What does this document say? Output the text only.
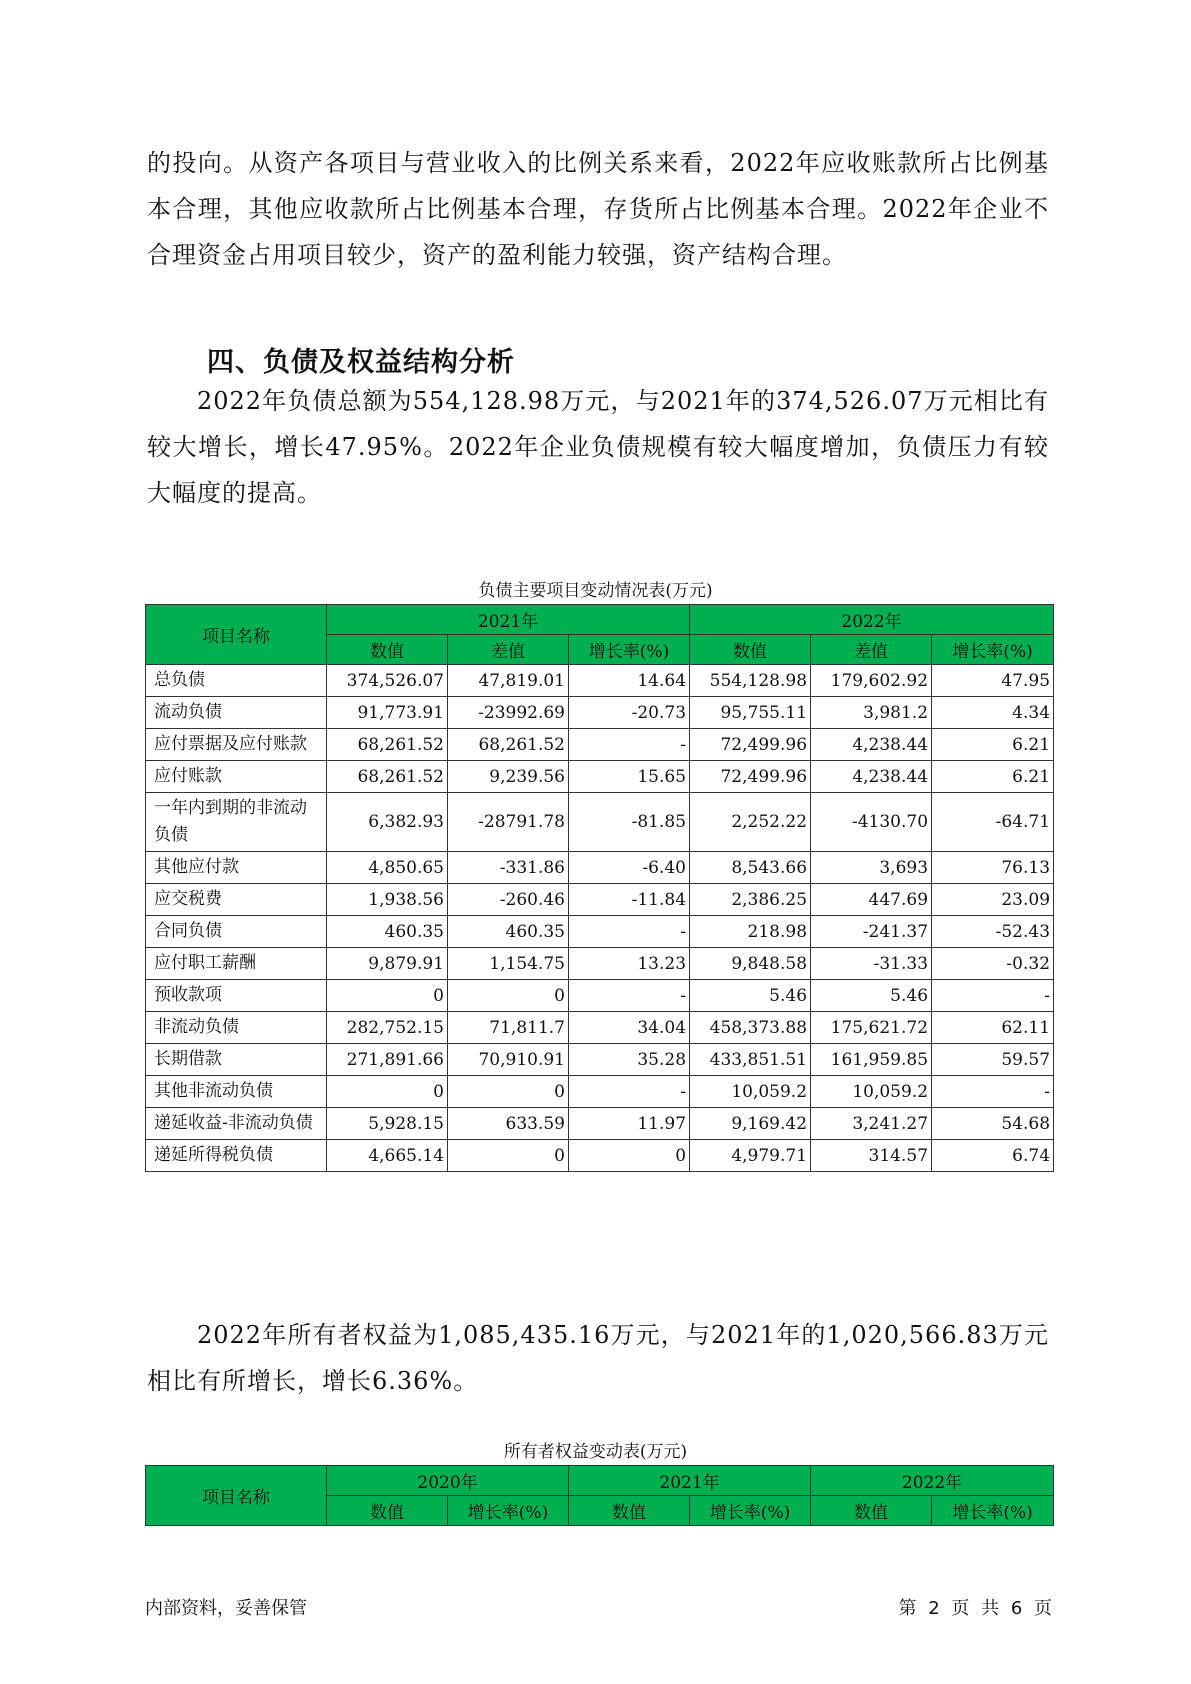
的投向。从资产各项目与营业收入的比例关系来看，2022年应收账款所占比例基本合理，其他应收款所占比例基本合理，存货所占比例基本合理。2022年企业不合理资金占用项目较少，资产的盈利能力较强，资产结构合理。

四、负债及权益结构分析

2022年负债总额为554,128.98万元，与2021年的374,526.07万元相比有较大增长，增长47.95%。2022年企业负债规模有较大幅度增加，负债压力有较大幅度的提高。

负债主要项目变动情况表(万元)
项目名称	2021年			2022年		
	数值	差值	增长率(%)	数值	差值	增长率(%)
总负债	374,526.07	47,819.01	14.64	554,128.98	179,602.92	47.95
流动负债	91,773.91	-23992.69	-20.73	95,755.11	3,981.2	4.34
应付票据及应付账款	68,261.52	68,261.52	-	72,499.96	4,238.44	6.21
应付账款	68,261.52	9,239.56	15.65	72,499.96	4,238.44	6.21
一年内到期的非流动负债	6,382.93	-28791.78	-81.85	2,252.22	-4130.70	-64.71
其他应付款	4,850.65	-331.86	-6.40	8,543.66	3,693	76.13
应交税费	1,938.56	-260.46	-11.84	2,386.25	447.69	23.09
合同负债	460.35	460.35	-	218.98	-241.37	-52.43
应付职工薪酬	9,879.91	1,154.75	13.23	9,848.58	-31.33	-0.32
预收款项	0	0	-	5.46	5.46	-
非流动负债	282,752.15	71,811.7	34.04	458,373.88	175,621.72	62.11
长期借款	271,891.66	70,910.91	35.28	433,851.51	161,959.85	59.57
其他非流动负债	0	0	-	10,059.2	10,059.2	-
递延收益-非流动负债	5,928.15	633.59	11.97	9,169.42	3,241.27	54.68
递延所得税负债	4,665.14	0	0	4,979.71	314.57	6.74

2022年所有者权益为1,085,435.16万元，与2021年的1,020,566.83万元相比有所增长，增长6.36%。

所有者权益变动表(万元)
项目名称	2020年		2021年		2022年	
	数值	增长率(%)	数值	增长率(%)	数值	增长率(%)
内部资料，妥善保管	第 2 页 共 6 页
